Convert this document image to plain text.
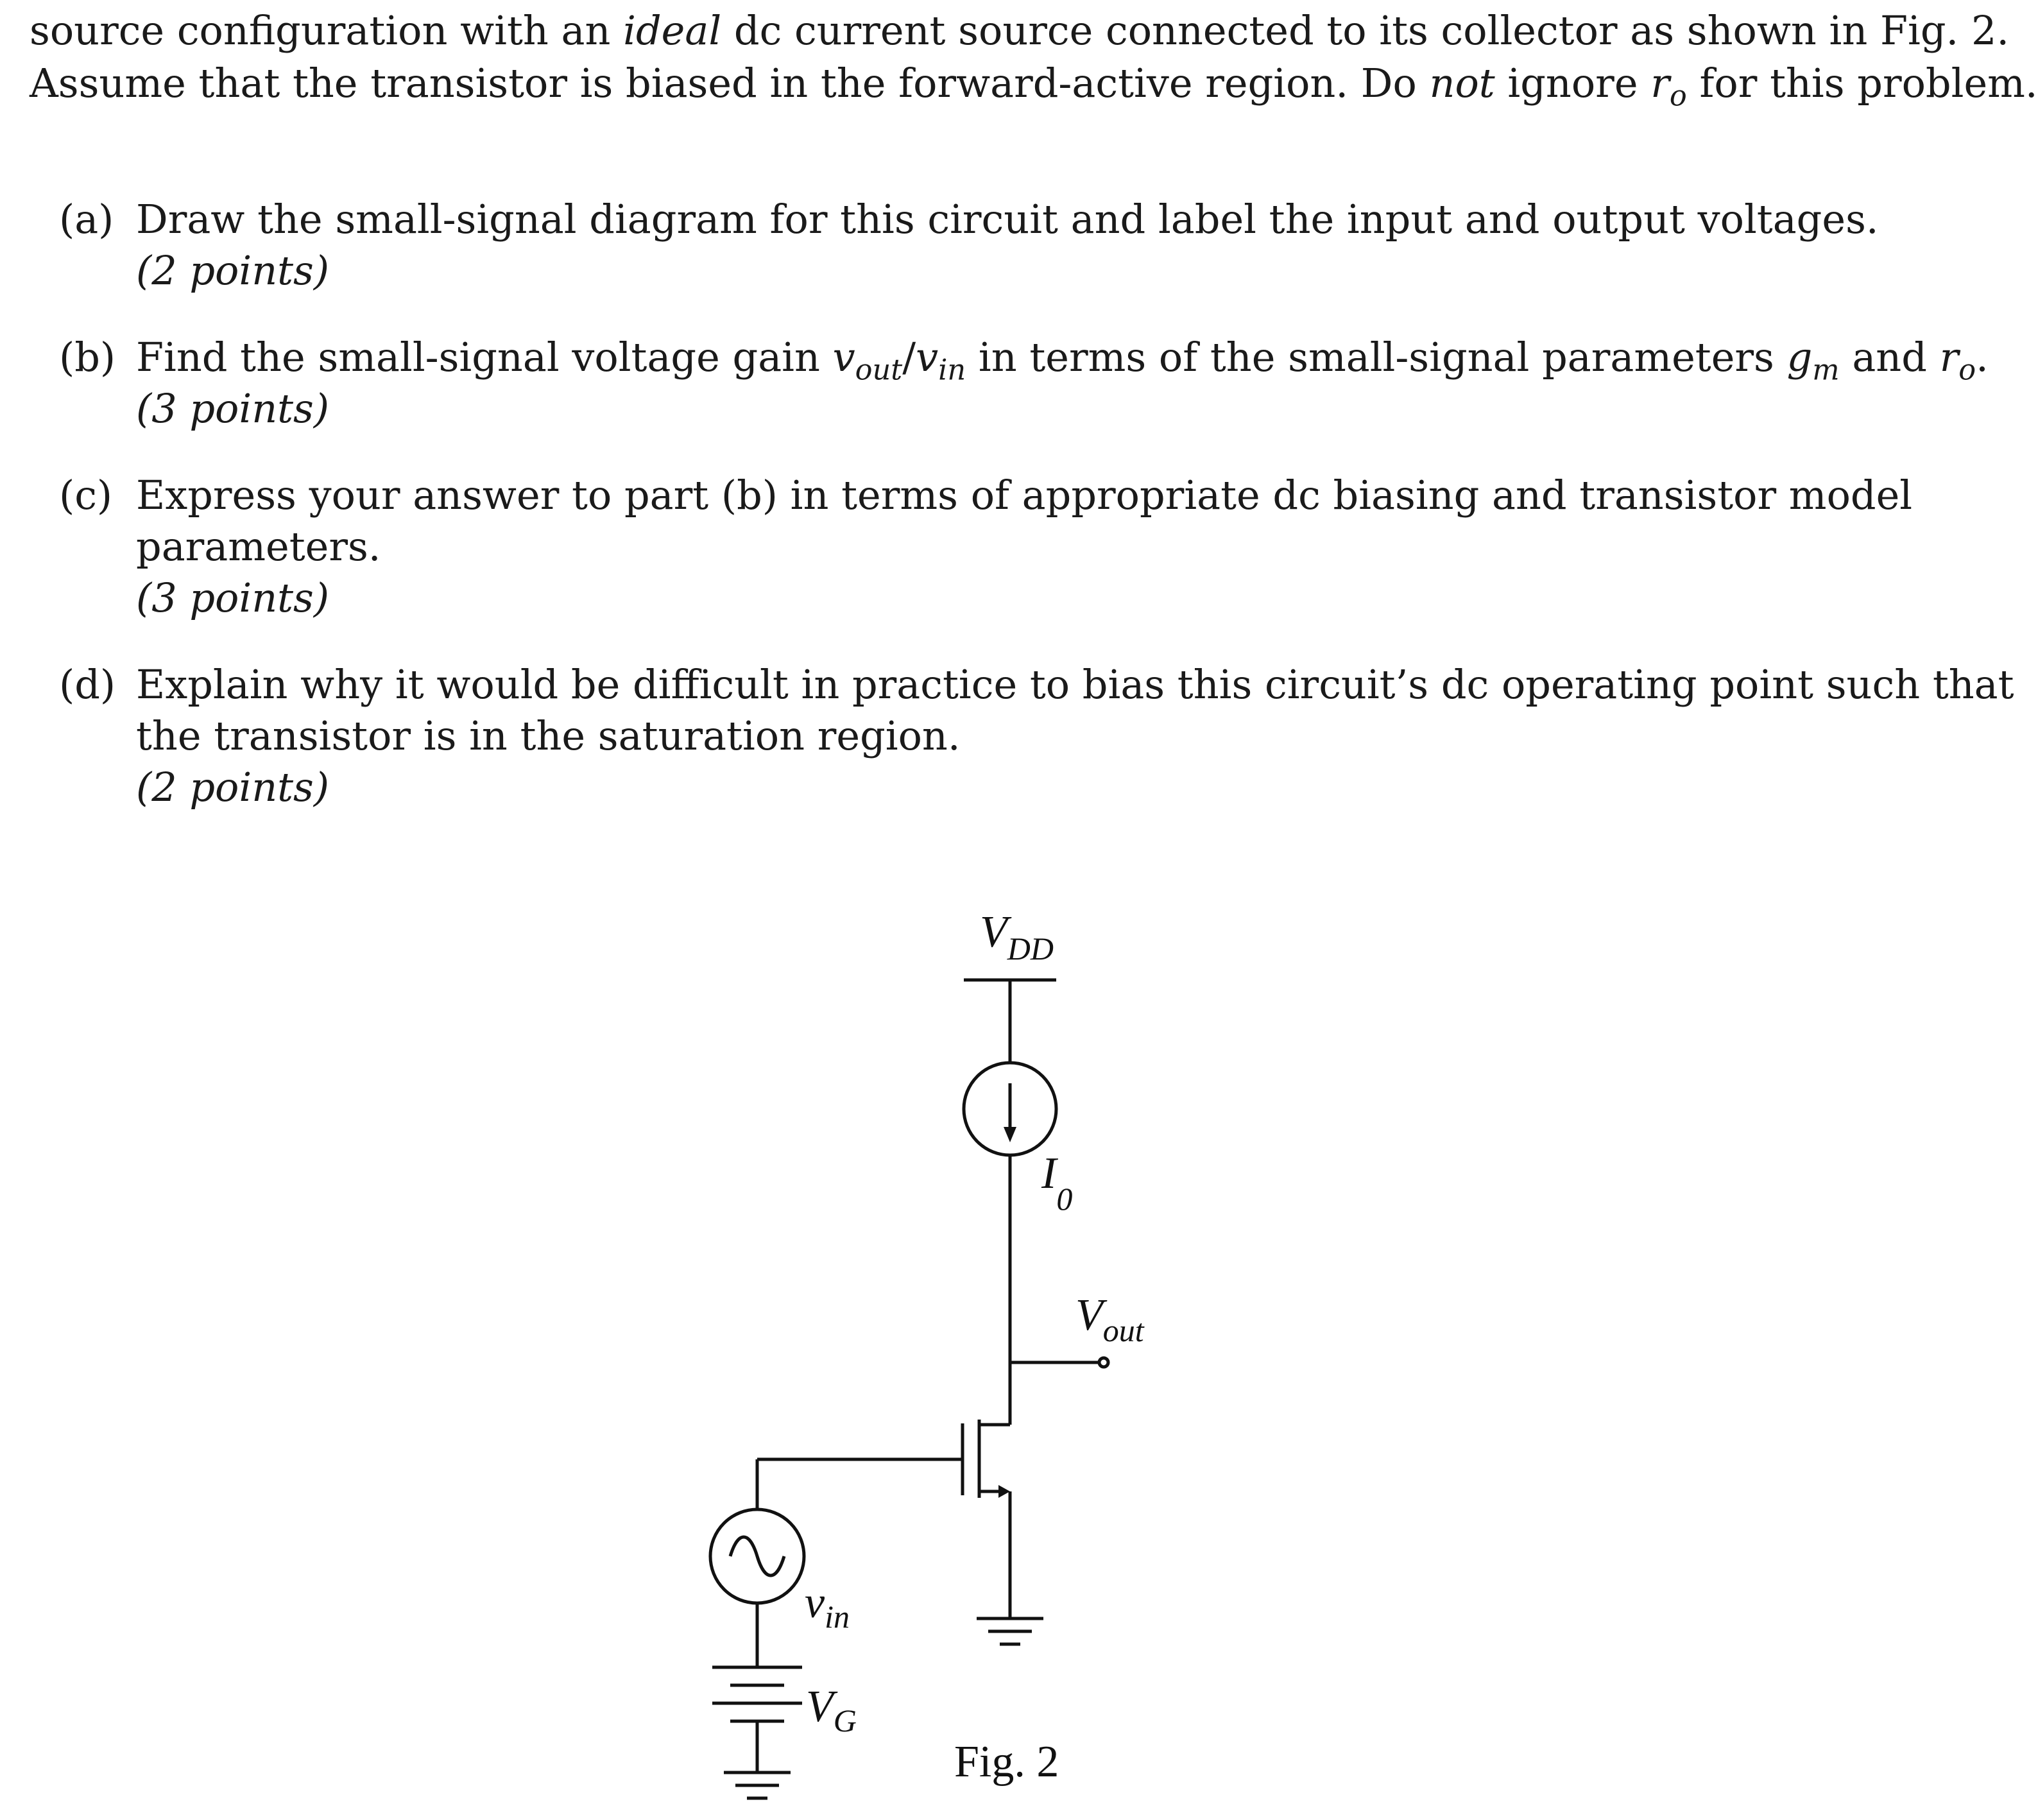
source configuration with an ideal dc current source connected to its collector as shown in Fig. 2.
Assume that the transistor is biased in the forward-active region. Do not ignore $r_o$ for this problem.
(a) Draw the small-signal diagram for this circuit and label the input and output voltages.
(2 points)
(b) Find the small-signal voltage gain $v_{out}/v_{in}$ in terms of the small-signal parameters $g_m$ and $r_o$.
(3 points)
(c) Express your answer to part (b) in terms of appropriate dc biasing and transistor model
parameters.
(3 points)
(d) Explain why it would be difficult in practice to bias this circuit’s dc operating point such that
the transistor is in the saturation region.
(2 points)
$V_{DD}$
$I_0$
$V_{out}$
$v_{in}$
$V_G$
Fig. 2
